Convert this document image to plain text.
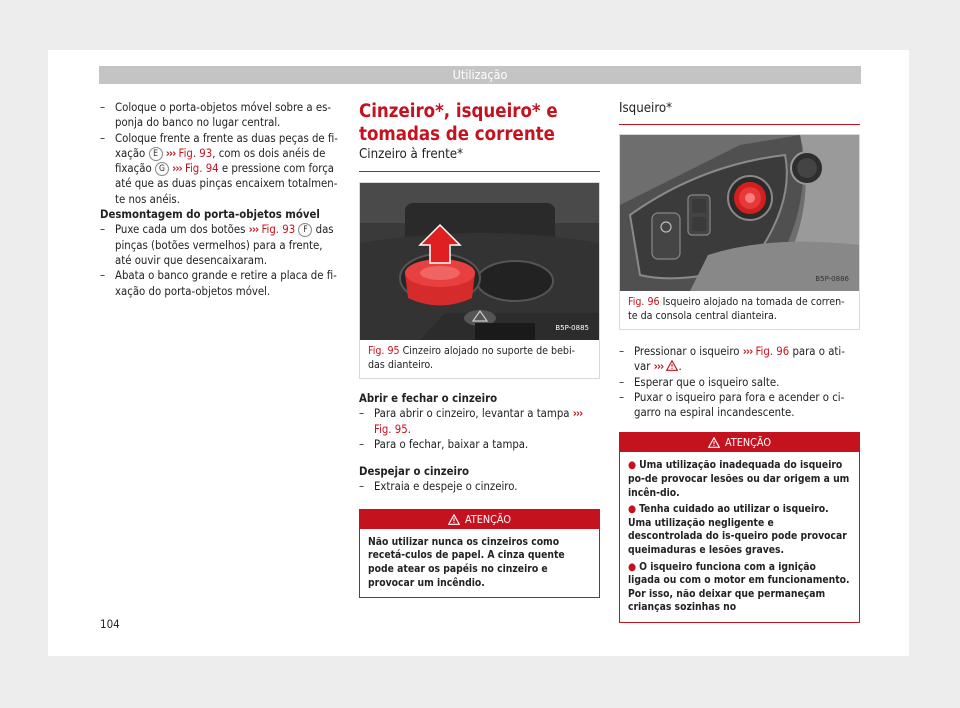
Utilização

– Coloque o porta-objetos móvel sobre a es-ponja do banco no lugar central.

– Coloque frente a frente as duas peças de fi-xação E ››› Fig. 93, com os dois anéis de fixação G ››› Fig. 94 e pressione com força até que as duas pinças encaixem totalmen-te nos anéis.

Desmontagem do porta-objetos móvel

– Puxe cada um dos botões ››› Fig. 93 F das pinças (botões vermelhos) para a frente, até ouvir que desencaixaram.

– Abata o banco grande e retire a placa de fi-xação do porta-objetos móvel.

Cinzeiro*, isqueiro* e tomadas de corrente

Cinzeiro à frente*

B5P-0885
Fig. 95 Cinzeiro alojado no suporte de bebi-das dianteiro.

Abrir e fechar o cinzeiro

– Para abrir o cinzeiro, levantar a tampa ››› Fig. 95.

– Para o fechar, baixar a tampa.

Despejar o cinzeiro

– Extraia e despeje o cinzeiro.

ATENÇÃO
Não utilizar nunca os cinzeiros como recetá-culos de papel. A cinza quente pode atear os papéis no cinzeiro e provocar um incêndio.

Isqueiro*

B5P-0886
Fig. 96 Isqueiro alojado na tomada de corren-te da consola central dianteira.

– Pressionar o isqueiro ››› Fig. 96 para o ati-var ››› .

– Esperar que o isqueiro salte.

– Puxar o isqueiro para fora e acender o ci-garro na espiral incandescente.

ATENÇÃO
● Uma utilização inadequada do isqueiro po-de provocar lesões ou dar origem a um incên-dio.
● Tenha cuidado ao utilizar o isqueiro. Uma utilização negligente e descontrolada do is-queiro pode provocar queimaduras e lesões graves.
● O isqueiro funciona com a ignição ligada ou com o motor em funcionamento. Por isso, não deixar que permaneçam crianças sozinhas no
104
